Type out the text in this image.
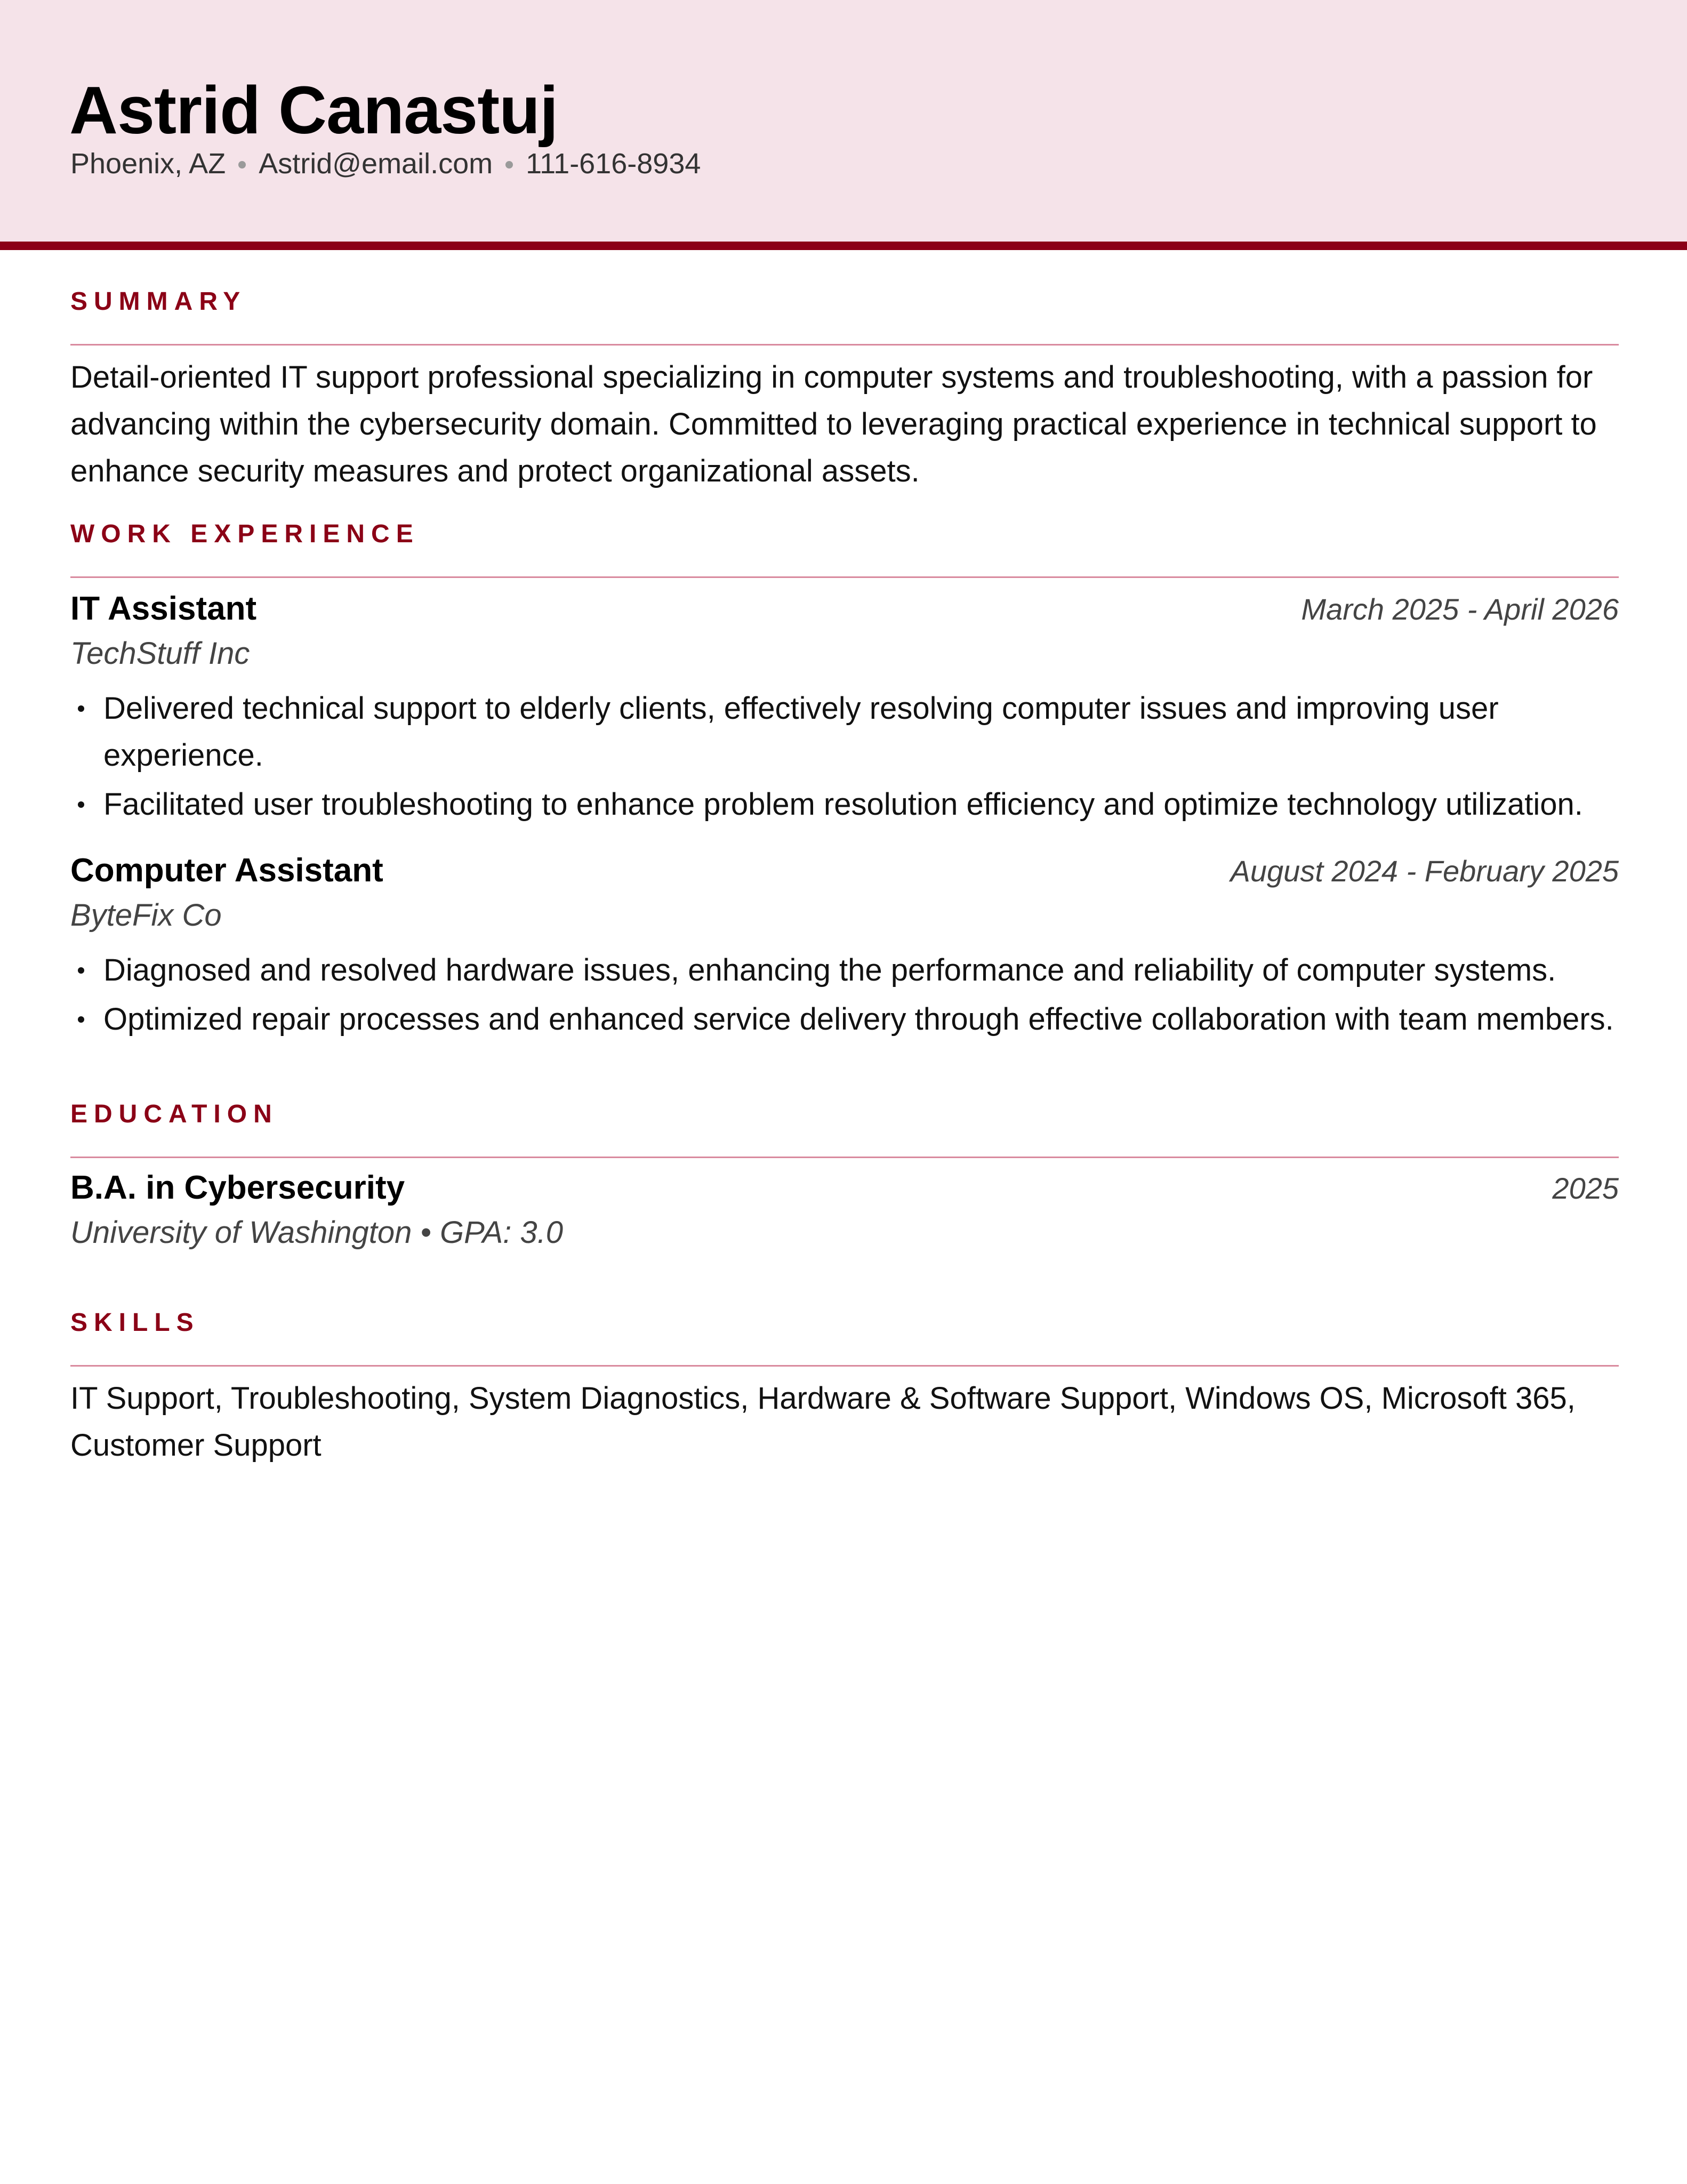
Astrid Canastuj
Phoenix, AZ Astrid@email.com 111-616-8934
SUMMARY
Detail-oriented IT support professional specializing in computer systems and troubleshooting, with a passion for advancing within the cybersecurity domain. Committed to leveraging practical experience in technical support to enhance security measures and protect organizational assets.
WORK EXPERIENCE
IT Assistant	March 2025 - April 2026
TechStuff Inc
Delivered technical support to elderly clients, effectively resolving computer issues and improving user experience.
Facilitated user troubleshooting to enhance problem resolution efficiency and optimize technology utilization.
Computer Assistant	August 2024 - February 2025
ByteFix Co
Diagnosed and resolved hardware issues, enhancing the performance and reliability of computer systems.
Optimized repair processes and enhanced service delivery through effective collaboration with team members.
EDUCATION
B.A. in Cybersecurity	2025
University of Washington • GPA: 3.0
SKILLS
IT Support, Troubleshooting, System Diagnostics, Hardware & Software Support, Windows OS, Microsoft 365, Customer Support
